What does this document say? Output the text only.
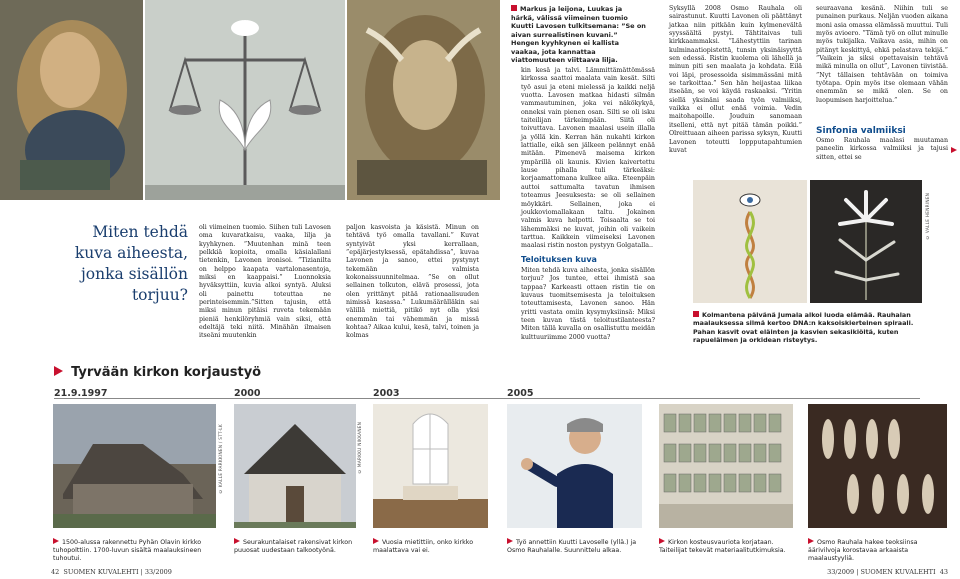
Markus ja leijona, Luukas ja härkä, välissä viimeinen tuomio Kuutti Lavosen tulkitsemana: ”Se on aivan surrealistinen kuvani.” Hengen kyyhkynen ei kallista vaakaa, jota kannattaa viattomuuteen viittaava lilja.
Miten tehdä kuva aiheesta, jonka sisällön torjuu?

oli viimeinen tuomio. Siihen tuli Lavosen oma kuvaratkaisu, vaaka, lilja ja kyyhkynen. ”Muutenhan minä teen pelkkiä kopioita, omalla käsialallani tietenkin, Lavonen ironisoi. ”Tizianilta on helppo kaapata vartalonasentoja, miksi en kaappaisi.” Luonnoksia hyväksyttiin, kuvia alkoi syntyä. Aluksi oli painettu toteuttaa ne perinteisemmin.”Sitten tajusin, että miksi minun pitäisi ruveta tekemään pieniä henkilöryhmiä vain siksi, että edeltäjä teki niitä. Minähän ilmaisen itseäni muutenkin

paljon kasvoista ja käsistä. Minun on tehtävä työ omalla tavallani.” Kuvat syntyivät yksi kerrallaan, ”epäjärjestyksessä, epätahdissa”, kuvaa Lavonen ja sanoo, ettei pystynyt tekemään valmista kokonaissuunnitelmaa. ”Se on ollut sellainen tolkuton, elävä prosessi, jota olen yrittänyt pitää rationaalisuuden nimissä kasassa.” Lukumäärälläkin sai välillä miettiä, pitikö nyt olla yksi enemmän tai vähemmän ja missä kohtaa? Aikaa kului, kesä, talvi, toinen ja kolmas

kin kesä ja talvi. Lämmittämättömässä kirkossa saattoi maalata vain kesät. Silti työ asui ja eteni mielessä ja kaikki neljä vuotta. Lavosen matkaa hidasti silmän vammautuminen, joka vei näkökykyä, onneksi vain pienen osan. Silti se oli isku taiteilijan tärkeimpään. Siitä oli toivuttava. Lavonen maalasi usein illalla ja yöllä kin. Kerran hän nukahti kirkon lattialle, eikä sen jälkeen pelännyt enää mitään. Pimenevä maisema kirkon ympärillä oli kaunis. Kivien kaivertettu lause pihalla tuli tärkeäksi: korjaamattomana kulkee aika. Eteenpäin auttoi sattumalta tavatun ihmisen toteamus Jeesuksesta: se oli sellainen möykkäri. Sellainen, joka ei joukkoviomallakaan taltu. Jokainen valmis kuva helpotti. Toisaalta se toi lähemmäksi ne kuvat, joihin oli vaikein tarttua. Kaikkein viimeiseksi Lavonen maalasi ristin noston pystyyn Golgatalla..

Teloituksen kuva

Miten tehdä kuva aiheesta, jonka sisällön torjuu? Jos tuntee, ettei ihmistä saa tappaa? Karkeasti ottaen ristin tie on kuvaus tuomitsemisesta ja teloituksen toteuttamisesta, Lavonen sanoo. Hän yritti vastata omiin kysymyksiinsä: Miksi teen kuvan tästä teloitustilanteesta? Miten tällä kuvalla on osallistuttu meidän kulttuuriimme 2000 vuotta?

Syksyllä 2008 Osmo Rauhala oli sairastunut. Kuutti Lavonen oli päättänyt jatkaa niin pitkään kuin kylmenevältä syyssäältä pystyi. Tähtitaivas tuli kirkkaammaksi. ”Lähestyttiin tarinan kulminaatiopistettä, tunsin yksinäisyyttä sen edessä. Ristin kuolema oli lähellä ja minun piti sen maalata ja kohdata. Eilä voi läpi, prosessoida sisimmässäni mitä se tarkoittaa.” Sen hän heijastaa liikaa itseään, se voi käydä raskaaksi. ”Yritin siellä yksinäni saada työn valmiiksi, vaikka ei ollut enää voimia. Vedin maitohapoille. Jouduin sanomaan itselleni, että nyt pitää tämän poikki.” Olreittuaan aiheen parissa syksyn, Kuutti Lavonen toteutti loppputapahtumien kuvat

seuraavana kesänä. Niihin tuli se punainen purkaus. Neljän vuoden aikana moni asia omassa elämässä muuttui. Tuli myös avioero. ”Tämä työ on ollut minulle myös tukijalka. Vaikava asia, mihin on pitänyt keskittyä, ehkä pelastava tekijä.” ”Vaikein ja siksi opettavaisin tehtävä mikä minulla on ollut”, Lavonen tiivistää. ”Nyt tällaisen tehtävään on toimiva työtapa. Opin myös itse olemaan vähän enemmän se mikä olen. Se on luopumisen harjoittelua.”

Sinfonia valmiiksi

Osmo Rauhala maalasi muutaman paneelin kirkossa valmiiksi ja tajusi sitten, ettei se

© VALLE HENRINEN
Kolmantena päivänä Jumala alkoi luoda elämää. Rauhalan maalauksessa silmä kertoo DNA:n kaksoiskierteinen spiraali. Pahan kasvit ovat eläinten ja kasvien sekasikiöitä, kuten rapueläimen ja orkidean risteytys.
Tyrvään kirkon korjaustyö
21.9.1997	2000	2003	2005
© KALLE PARKKINEN / STT-LK	© MARKKU NIKKANEN
1500-alussa rakennettu Pyhän Olavin kirkko tuhopolttiin. 1700-luvun sisältä maalauksineen tuhoutui.
Seurakuntalaiset rakensivat kirkon puuosat uudestaan talkootyönä.
Vuosia mietittiin, onko kirkko maalattava vai ei.
Työ annettiin Kuutti Lavoselle (yllä.) ja Osmo Rauhalalle. Suunnittelu alkaa.
Kirkon kosteusvauriota korjataan. Taiteilijat tekevät materiaalitutkimuksia.
Osmo Rauhala hakee teoksiinsa äärivilvoja korostavaa arkaaista maalaustyyliä.
42 SUOMEN KUVALEHTI | 33/2009	33/2009 | SUOMEN KUVALEHTI 43
